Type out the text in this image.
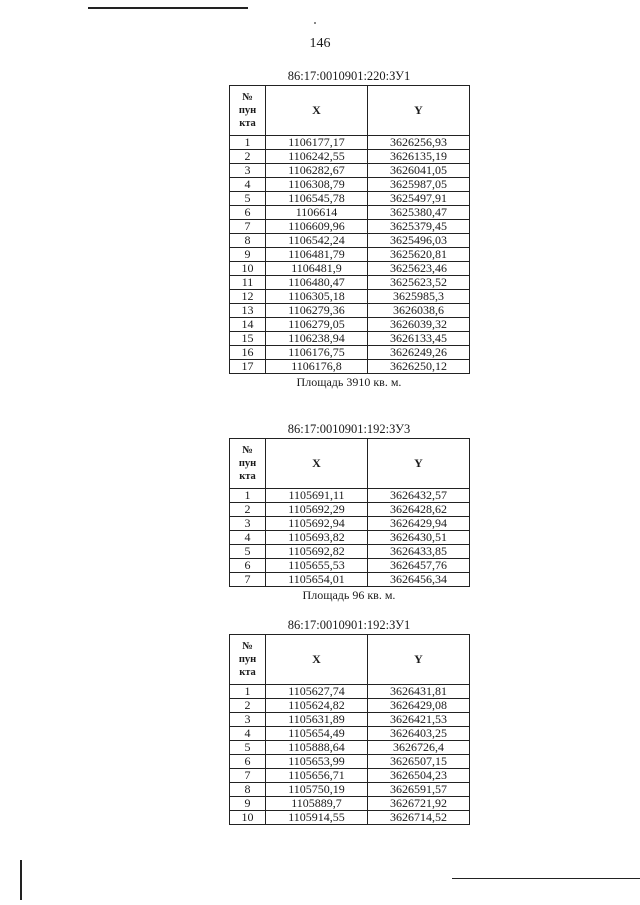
146
86:17:0010901:220:ЗУ1
№
пун
кта	X	Y
1	1106177,17	3626256,93
2	1106242,55	3626135,19
3	1106282,67	3626041,05
4	1106308,79	3625987,05
5	1106545,78	3625497,91
6	1106614	3625380,47
7	1106609,96	3625379,45
8	1106542,24	3625496,03
9	1106481,79	3625620,81
10	1106481,9	3625623,46
11	1106480,47	3625623,52
12	1106305,18	3625985,3
13	1106279,36	3626038,6
14	1106279,05	3626039,32
15	1106238,94	3626133,45
16	1106176,75	3626249,26
17	1106176,8	3626250,12
Площадь 3910 кв. м.
86:17:0010901:192:ЗУ3
№
пун
кта	X	Y
1	1105691,11	3626432,57
2	1105692,29	3626428,62
3	1105692,94	3626429,94
4	1105693,82	3626430,51
5	1105692,82	3626433,85
6	1105655,53	3626457,76
7	1105654,01	3626456,34
Площадь 96 кв. м.
86:17:0010901:192:ЗУ1
№
пун
кта	X	Y
1	1105627,74	3626431,81
2	1105624,82	3626429,08
3	1105631,89	3626421,53
4	1105654,49	3626403,25
5	1105888,64	3626726,4
6	1105653,99	3626507,15
7	1105656,71	3626504,23
8	1105750,19	3626591,57
9	1105889,7	3626721,92
10	1105914,55	3626714,52
